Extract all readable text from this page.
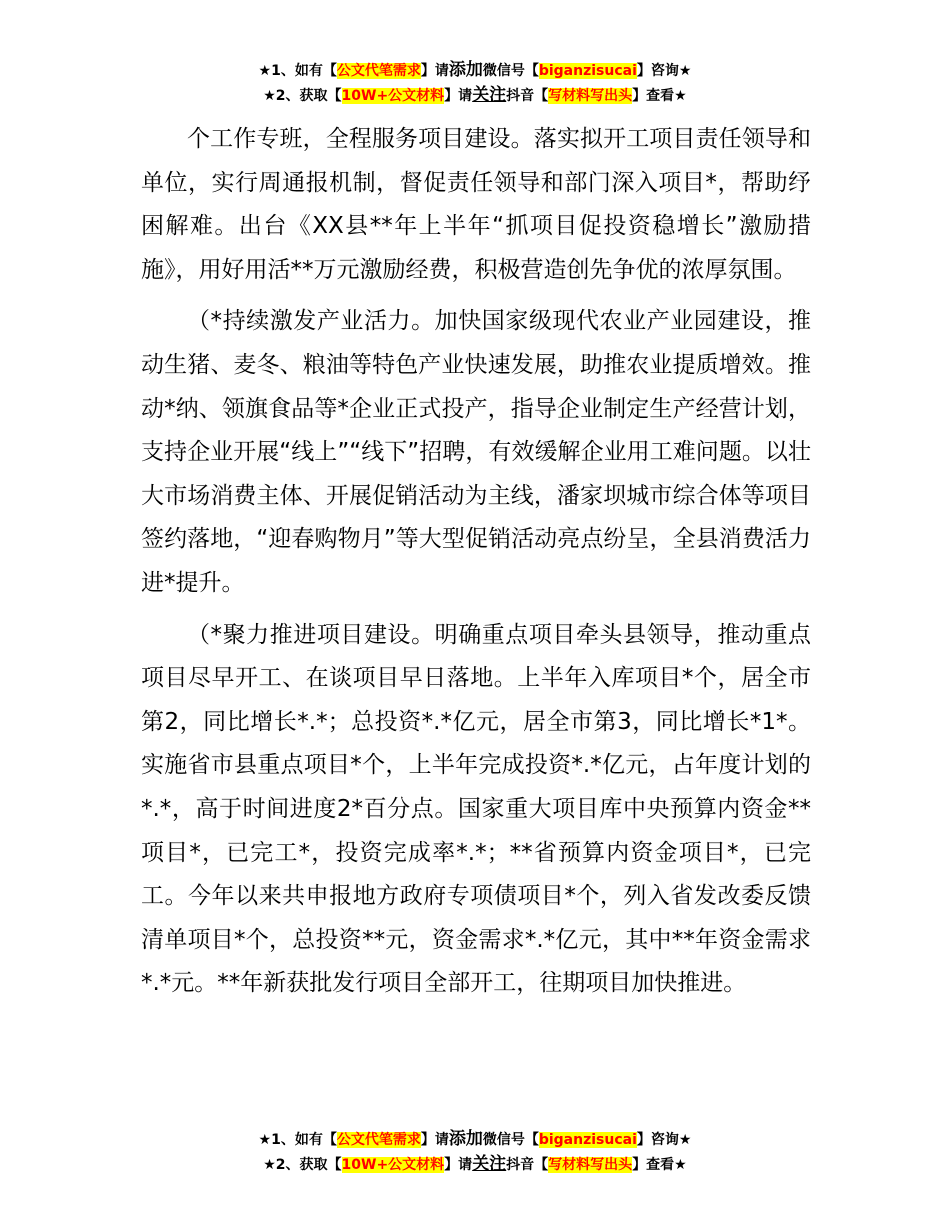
★1、如有【公文代笔需求】请添加微信号【biganzisucai】咨询★
★2、获取【10W+公文材料】请关注抖音【写材料写出头】查看★

个工作专班，全程服务项目建设。落实拟开工项目责任领导和单位，实行周通报机制，督促责任领导和部门深入项目*，帮助纾困解难。出台《XX县**年上半年“抓项目促投资稳增长”激励措施》，用好用活**万元激励经费，积极营造创先争优的浓厚氛围。

（*持续激发产业活力。加快国家级现代农业产业园建设，推动生猪、麦冬、粮油等特色产业快速发展，助推农业提质增效。推动*纳、领旗食品等*企业正式投产，指导企业制定生产经营计划，支持企业开展“线上”“线下”招聘，有效缓解企业用工难问题。以壮大市场消费主体、开展促销活动为主线，潘家坝城市综合体等项目签约落地，“迎春购物月”等大型促销活动亮点纷呈，全县消费活力进*提升。

（*聚力推进项目建设。明确重点项目牵头县领导，推动重点项目尽早开工、在谈项目早日落地。上半年入库项目*个，居全市第2，同比增长*.*；总投资*.*亿元，居全市第3，同比增长*1*。实施省市县重点项目*个，上半年完成投资*.*亿元，占年度计划的*.*，高于时间进度2*百分点。国家重大项目库中央预算内资金**项目*，已完工*，投资完成率*.*；**省预算内资金项目*，已完工。今年以来共申报地方政府专项债项目*个，列入省发改委反馈清单项目*个，总投资**元，资金需求*.*亿元，其中**年资金需求*.*元。**年新获批发行项目全部开工，往期项目加快推进。

★1、如有【公文代笔需求】请添加微信号【biganzisucai】咨询★
★2、获取【10W+公文材料】请关注抖音【写材料写出头】查看★
